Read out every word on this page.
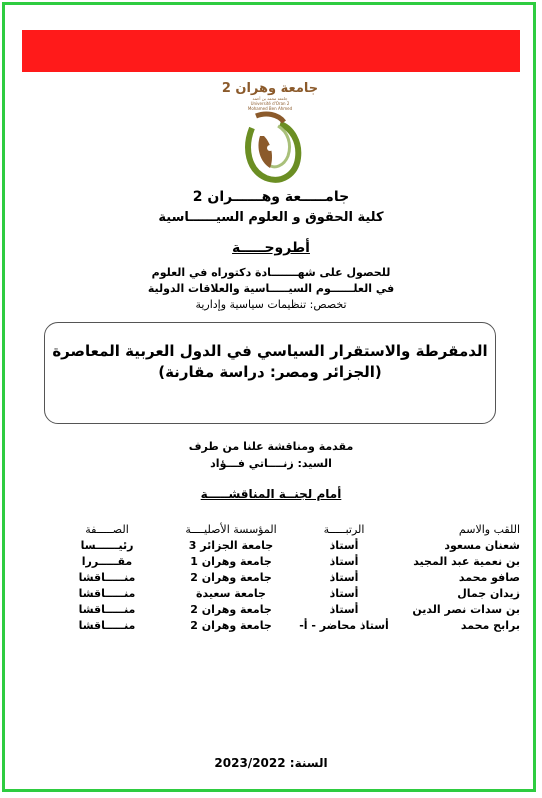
جامعة وهران 2
جامعة محمد بن أحمد
Université d'Oran 2
Mohamed Ben Ahmed
جامـــــعة وهــــــران 2
كلية الحقوق و العلوم السيــــــاسية
أطروحـــــة
للحصول على شهـــــــادة دكتوراه في العلوم
في العلــــــوم السيـــــاسية والعلاقات الدولية
تخصص: تنظيمات سياسية وإدارية
الدمقرطة والاستقرار السياسي في الدول العربية المعاصرة
(الجزائر ومصر: دراسة مقارنة)
مقدمة ومناقشة علنا من طرف
السيد: زنــــاتي فـــؤاد
أمام لجنــة المناقشـــــة
اللقب والاسم	الرتبـــــة	المؤسسة الأصليــــة	الصـــــفة
شعنان مسعود	أستاذ	جامعة الجزائر 3	رئيــــــسا
بن نعمية عبد المجيد	أستاذ	جامعة وهران 1	مقـــــررا
صافو محمد	أستاذ	جامعة وهران 2	منـــــاقشا
زيدان جمال	أستاذ	جامعة سعيدة	منـــــاقشا
بن سدات نصر الدين	أستاذ	جامعة وهران 2	منـــــاقشا
برابح محمد	أستاذ محاضر - أ-	جامعة وهران 2	منـــــاقشا
السنة: 2023/2022
